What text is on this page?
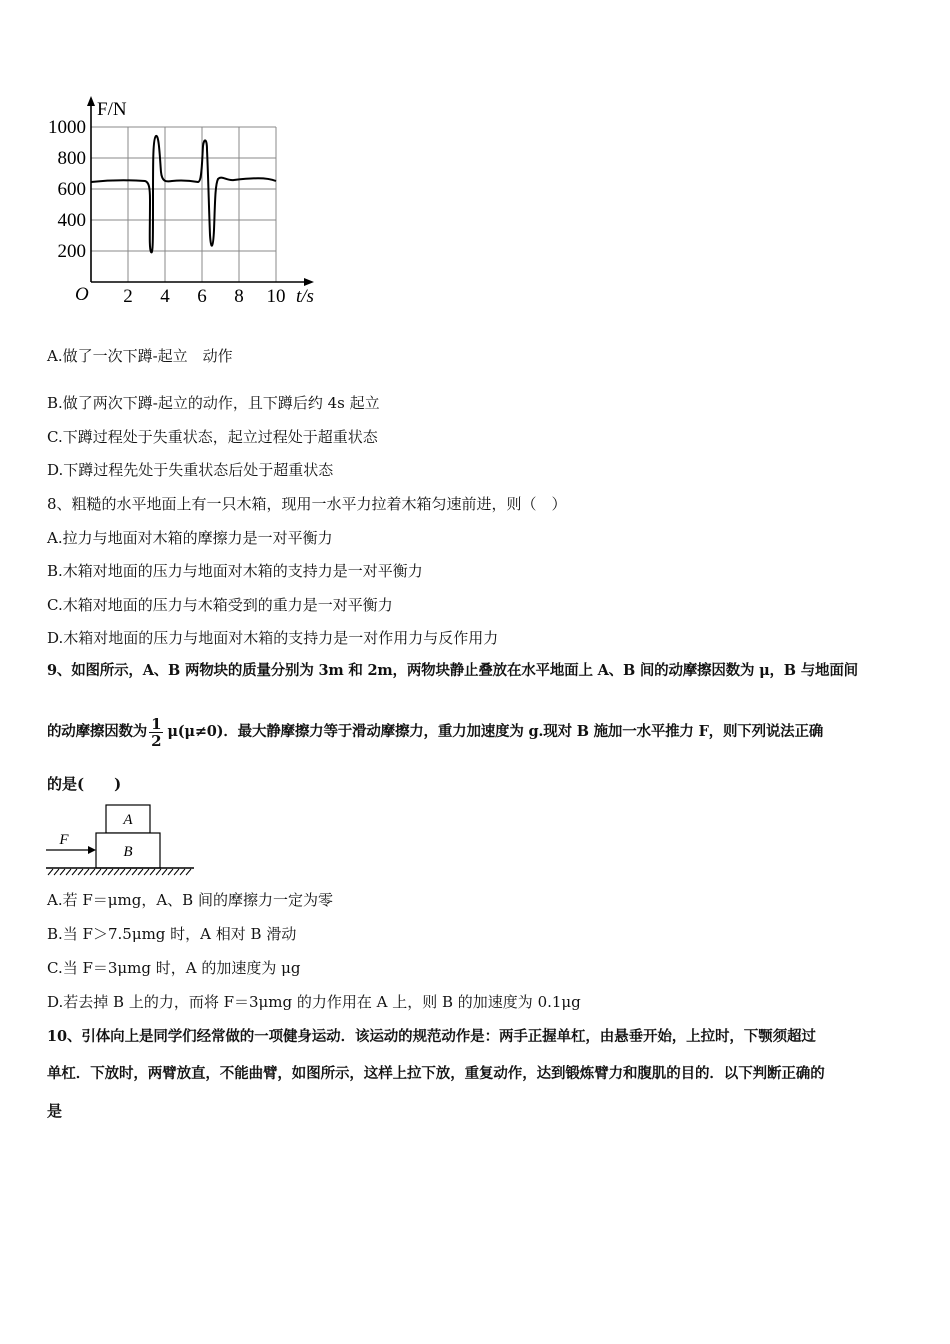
1000
800
600
400
200
2 4 6 8 10
O
F/N
t/s
A.做了一次下蹲-起立　动作
B.做了两次下蹲-起立的动作，且下蹲后约 4s 起立
C.下蹲过程处于失重状态，起立过程处于超重状态
D.下蹲过程先处于失重状态后处于超重状态
8、粗糙的水平地面上有一只木箱，现用一水平力拉着木箱匀速前进，则（　）
A.拉力与地面对木箱的摩擦力是一对平衡力
B.木箱对地面的压力与地面对木箱的支持力是一对平衡力
C.木箱对地面的压力与木箱受到的重力是一对平衡力
D.木箱对地面的压力与地面对木箱的支持力是一对作用力与反作用力
9、如图所示，A、B 两物块的质量分别为 3m 和 2m，两物块静止叠放在水平地面上 A、B 间的动摩擦因数为 μ，B 与地面间
的动摩擦因数为 $\frac{1}{2} \mu(\mu\ne 0)$．最大静摩擦力等于滑动摩擦力，重力加速度为 g.现对 B 施加一水平推力 F，则下列说法正确
的是(　　)
A
B
F
A.若 F＝μmg，A、B 间的摩擦力一定为零
B.当 F＞7.5μmg 时，A 相对 B 滑动
C.当 F＝3μmg 时，A 的加速度为 μg
D.若去掉 B 上的力，而将 F＝3μmg 的力作用在 A 上，则 B 的加速度为 0.1μg
10、引体向上是同学们经常做的一项健身运动．该运动的规范动作是：两手正握单杠，由悬垂开始，上拉时，下颚须超过
单杠．下放时，两臂放直，不能曲臂，如图所示，这样上拉下放，重复动作，达到锻炼臂力和腹肌的目的．以下判断正确的
是
